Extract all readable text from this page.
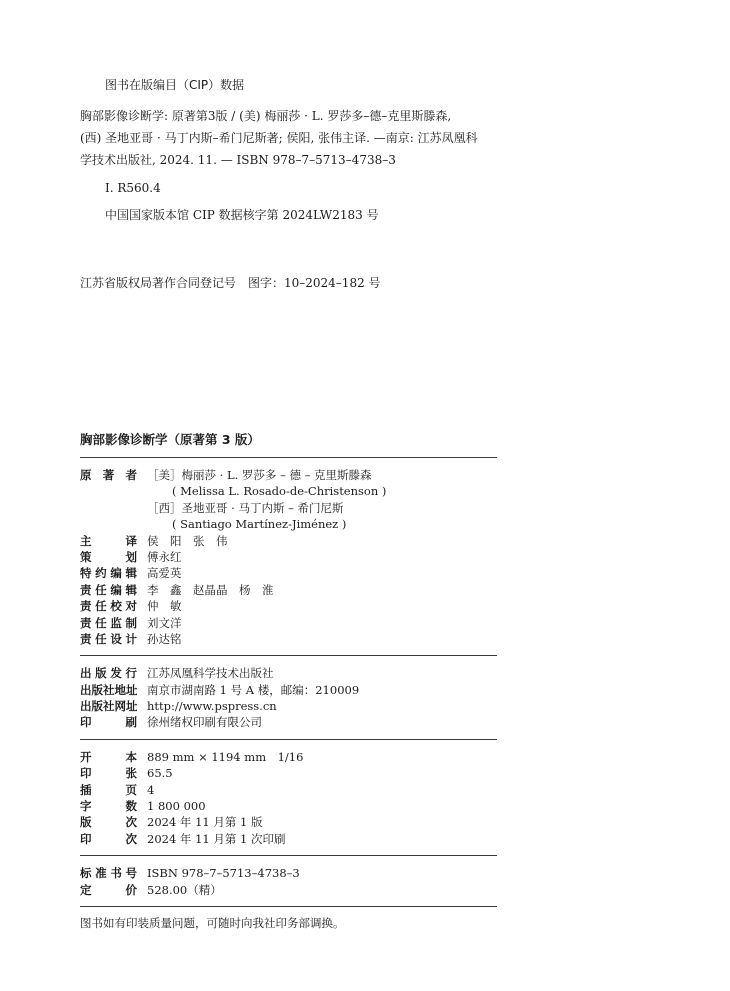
图书在版编目（CIP）数据
胸部影像诊断学: 原著第3版 / (美) 梅丽莎 · L. 罗莎多–德–克里斯滕森,
(西) 圣地亚哥 · 马丁内斯–希门尼斯著; 侯阳, 张伟主译. —南京: 江苏凤凰科
学技术出版社, 2024. 11. — ISBN 978–7–5713–4738–3
Ⅰ. R560.4
中国国家版本馆 CIP 数据核字第 2024LW2183 号
江苏省版权局著作合同登记号　图字：10–2024–182 号
胸部影像诊断学（原著第 3 版）
原 著 者 ［美］梅丽莎 · L. 罗莎多 – 德 – 克里斯滕森
( Melissa L. Rosado-de-Christenson )
［西］圣地亚哥 · 马丁内斯 – 希门尼斯
( Santiago Martínez-Jiménez )
主 译 侯　阳　张　伟
策 划 傅永红
特约编辑 高爱英
责任编辑 李　鑫　赵晶晶　杨　淮
责任校对 仲　敏
责任监制 刘文洋
责任设计 孙达铭
出版发行 江苏凤凰科学技术出版社
出版社地址 南京市湖南路 1 号 A 楼，邮编：210009
出版社网址 http://www.pspress.cn
印 刷 徐州绪权印刷有限公司
开 本 889 mm × 1194 mm　1/16
印 张 65.5
插 页 4
字 数 1 800 000
版 次 2024 年 11 月第 1 版
印 次 2024 年 11 月第 1 次印刷
标准书号 ISBN 978–7–5713–4738–3
定 价 528.00（精）
图书如有印装质量问题，可随时向我社印务部调换。
